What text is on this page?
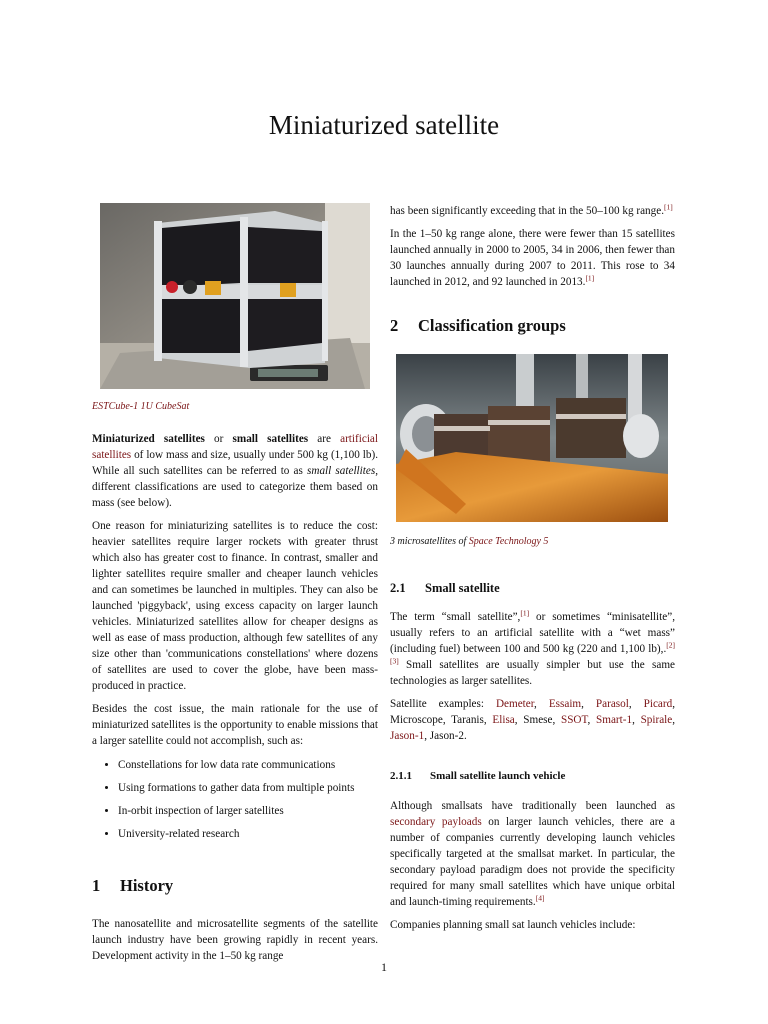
Miniaturized satellite
ESTCube-1 1U CubeSat

Miniaturized satellites or small satellites are artificial satellites of low mass and size, usually under 500 kg (1,100 lb). While all such satellites can be referred to as small satellites, different classifications are used to categorize them based on mass (see below).

One reason for miniaturizing satellites is to reduce the cost: heavier satellites require larger rockets with greater thrust which also has greater cost to finance. In contrast, smaller and lighter satellites require smaller and cheaper launch vehicles and can sometimes be launched in multiples. They can also be launched 'piggyback', using excess capacity on larger launch vehicles. Miniaturized satellites allow for cheaper designs as well as ease of mass production, although few satellites of any size other than 'communications constellations' where dozens of satellites are used to cover the globe, have been mass-produced in practice.

Besides the cost issue, the main rationale for the use of miniaturized satellites is the opportunity to enable missions that a larger satellite could not accomplish, such as:

• Constellations for low data rate communications
• Using formations to gather data from multiple points
• In-orbit inspection of larger satellites
• University-related research
1 History

The nanosatellite and microsatellite segments of the satellite launch industry have been growing rapidly in recent years. Development activity in the 1–50 kg range

has been significantly exceeding that in the 50–100 kg range.[1]

In the 1–50 kg range alone, there were fewer than 15 satellites launched annually in 2000 to 2005, 34 in 2006, then fewer than 30 launches annually during 2007 to 2011. This rose to 34 launched in 2012, and 92 launched in 2013.[1]

2 Classification groups
3 microsatellites of Space Technology 5
2.1 Small satellite

The term “small satellite”,[1] or sometimes “minisatellite”, usually refers to an artificial satellite with a “wet mass” (including fuel) between 100 and 500 kg (220 and 1,100 lb),.[2][3] Small satellites are usually simpler but use the same technologies as larger satellites.

Satellite examples: Demeter, Essaim, Parasol, Picard, Microscope, Taranis, Elisa, Smese, SSOT, Smart-1, Spirale, Jason-1, Jason-2.

2.1.1 Small satellite launch vehicle

Although smallsats have traditionally been launched as secondary payloads on larger launch vehicles, there are a number of companies currently developing launch vehicles specifically targeted at the smallsat market. In particular, the secondary payload paradigm does not provide the specificity required for many small satellites which have unique orbital and launch-timing requirements.[4]

Companies planning small sat launch vehicles include:

1
